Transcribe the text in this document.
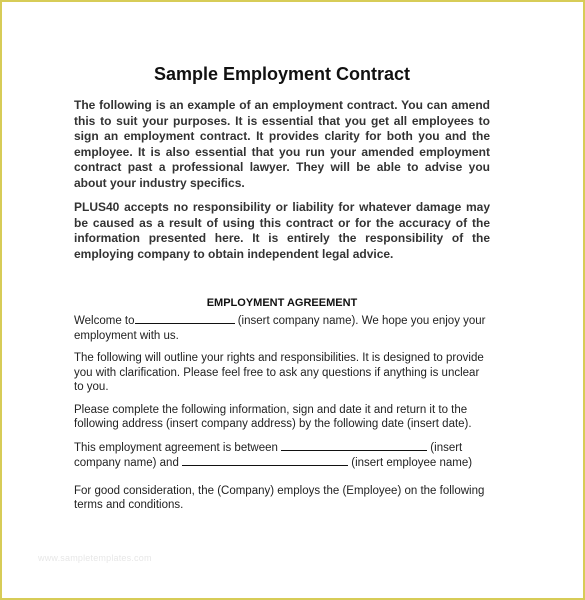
Sample Employment Contract

The following is an example of an employment contract. You can amend this to suit your purposes. It is essential that you get all employees to sign an employment contract. It provides clarity for both you and the employee. It is also essential that you run your amended employment contract past a professional lawyer. They will be able to advise you about your industry specifics.

PLUS40 accepts no responsibility or liability for whatever damage may be caused as a result of using this contract or for the accuracy of the information presented here. It is entirely the responsibility of the employing company to obtain independent legal advice.

EMPLOYMENT AGREEMENT

Welcome to	(insert company name). We hope you enjoy your employment with us.

The following will outline your rights and responsibilities. It is designed to provide you with clarification. Please feel free to ask any questions if anything is unclear to you.

Please complete the following information, sign and date it and return it to the following address (insert company address) by the following date (insert date).

This employment agreement is between	(insert company name) and	(insert employee name)

For good consideration, the (Company) employs the (Employee) on the following terms and conditions.

www.sampletemplates.com
